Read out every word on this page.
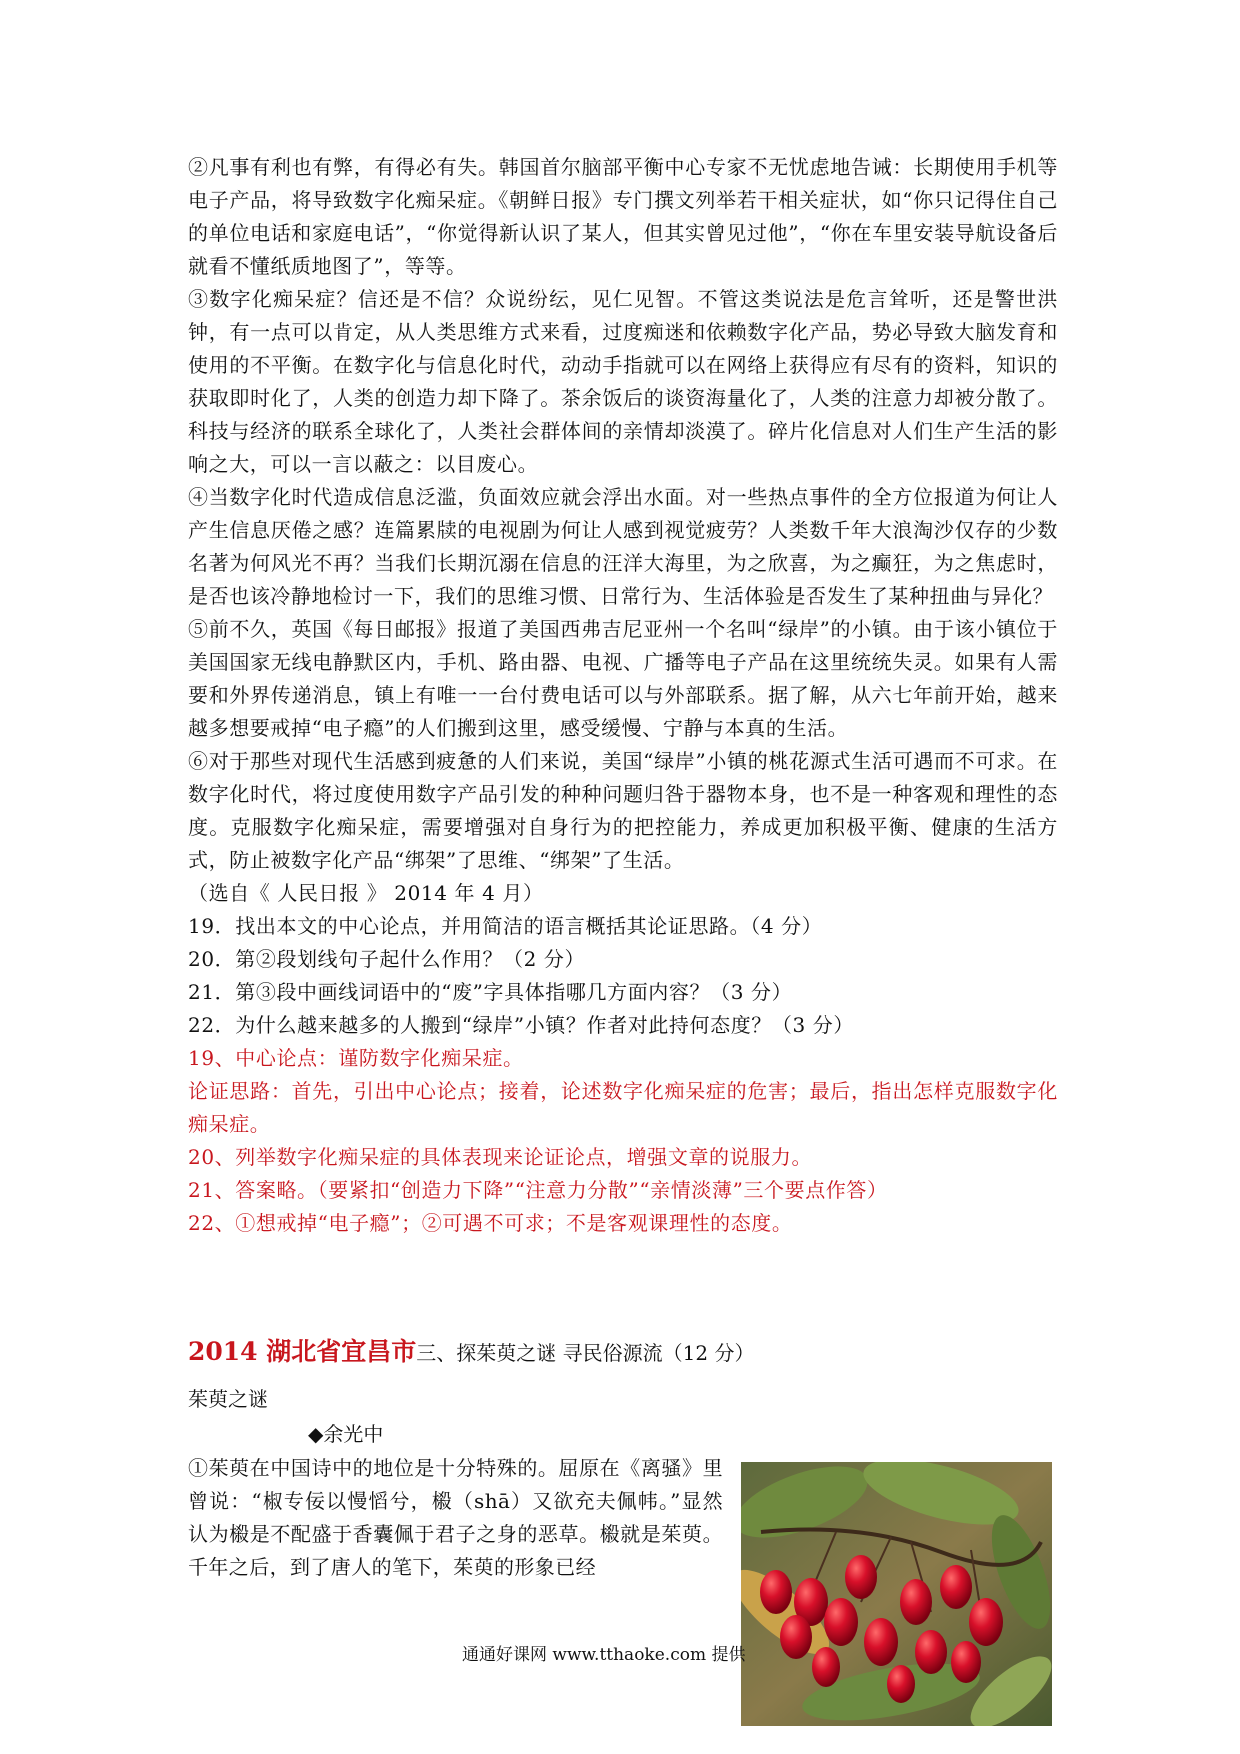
②凡事有利也有弊，有得必有失。韩国首尔脑部平衡中心专家不无忧虑地告诫：长期使用手机等电子产品，将导致数字化痴呆症。《朝鲜日报》专门撰文列举若干相关症状，如“你只记得住自己的单位电话和家庭电话”，“你觉得新认识了某人，但其实曾见过他”，“你在车里安装导航设备后就看不懂纸质地图了”，等等。

③数字化痴呆症？信还是不信？众说纷纭，见仁见智。不管这类说法是危言耸听，还是警世洪钟，有一点可以肯定，从人类思维方式来看，过度痴迷和依赖数字化产品，势必导致大脑发育和使用的不平衡。在数字化与信息化时代，动动手指就可以在网络上获得应有尽有的资料，知识的获取即时化了，人类的创造力却下降了。茶余饭后的谈资海量化了，人类的注意力却被分散了。科技与经济的联系全球化了，人类社会群体间的亲情却淡漠了。碎片化信息对人们生产生活的影响之大，可以一言以蔽之：以目废心。

④当数字化时代造成信息泛滥，负面效应就会浮出水面。对一些热点事件的全方位报道为何让人产生信息厌倦之感？连篇累牍的电视剧为何让人感到视觉疲劳？人类数千年大浪淘沙仅存的少数名著为何风光不再？当我们长期沉溺在信息的汪洋大海里，为之欣喜，为之癫狂，为之焦虑时，是否也该冷静地检讨一下，我们的思维习惯、日常行为、生活体验是否发生了某种扭曲与异化？

⑤前不久，英国《每日邮报》报道了美国西弗吉尼亚州一个名叫“绿岸”的小镇。由于该小镇位于美国国家无线电静默区内，手机、路由器、电视、广播等电子产品在这里统统失灵。如果有人需要和外界传递消息，镇上有唯一一台付费电话可以与外部联系。据了解，从六七年前开始，越来越多想要戒掉“电子瘾”的人们搬到这里，感受缓慢、宁静与本真的生活。

⑥对于那些对现代生活感到疲惫的人们来说，美国“绿岸”小镇的桃花源式生活可遇而不可求。在数字化时代，将过度使用数字产品引发的种种问题归咎于器物本身，也不是一种客观和理性的态度。克服数字化痴呆症，需要增强对自身行为的把控能力，养成更加积极平衡、健康的生活方式，防止被数字化产品“绑架”了思维、“绑架”了生活。

（选自《 人民日报 》 2014 年 4 月）

19．找出本文的中心论点，并用简洁的语言概括其论证思路。（4 分）

20．第②段划线句子起什么作用？（2 分）

21．第③段中画线词语中的“废”字具体指哪几方面内容？（3 分）

22．为什么越来越多的人搬到“绿岸”小镇？作者对此持何态度？（3 分）

19、中心论点：谨防数字化痴呆症。

论证思路：首先，引出中心论点；接着，论述数字化痴呆症的危害；最后，指出怎样克服数字化痴呆症。

20、列举数字化痴呆症的具体表现来论证论点，增强文章的说服力。

21、答案略。（要紧扣“创造力下降”“注意力分散”“亲情淡薄”三个要点作答）

22、①想戒掉“电子瘾”；②可遇不可求；不是客观课理性的态度。

2014 湖北省宜昌市三、探茱萸之谜 寻民俗源流（12 分）
茱萸之谜
◆余光中

①茱萸在中国诗中的地位是十分特殊的。屈原在《离骚》里曾说：“椒专佞以慢慆兮，榝（shā）又欲充夫佩帏。”显然认为榝是不配盛于香囊佩于君子之身的恶草。榝就是茱萸。千年之后，到了唐人的笔下，茱萸的形象已经

通通好课网 www.tthaoke.com 提供
